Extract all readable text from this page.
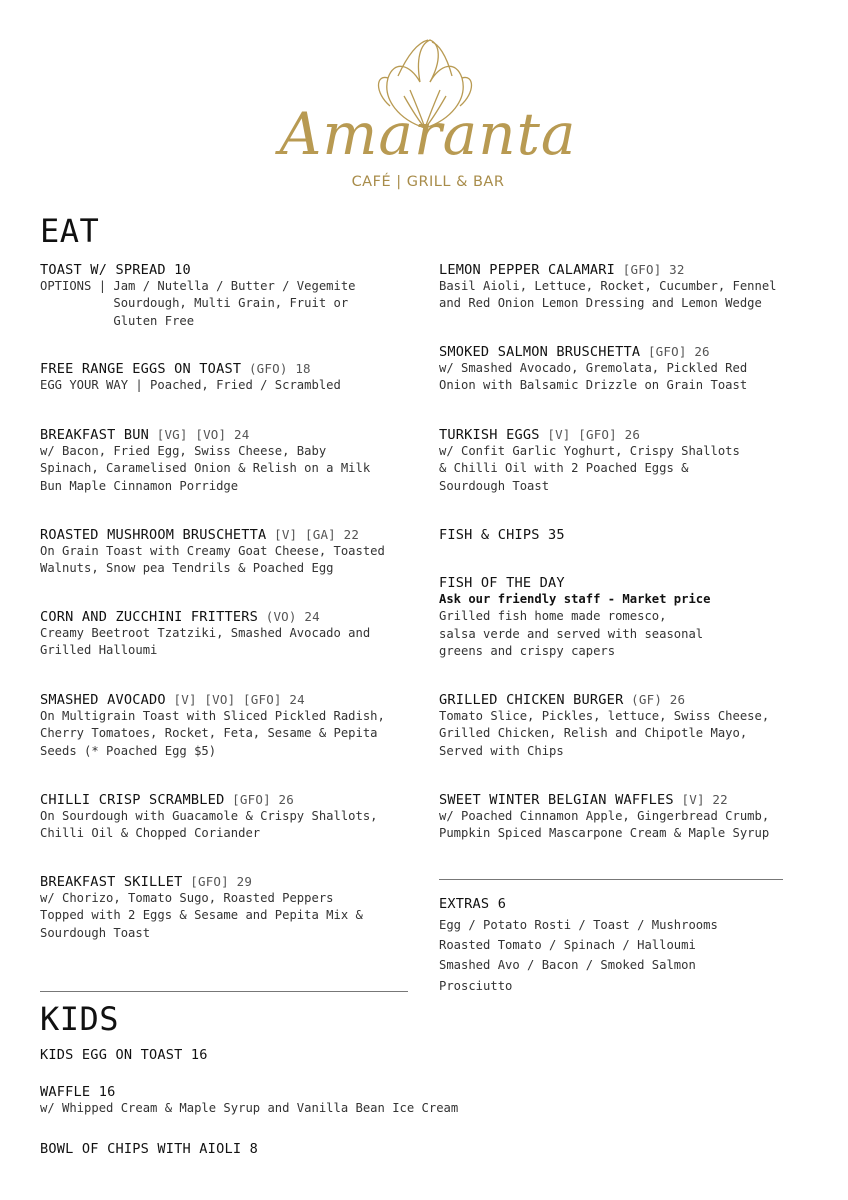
Amaranta
CAFÉ | GRILL & BAR
EAT
TOAST W/ SPREAD 10
OPTIONS | Jam / Nutella / Butter / Vegemite
Sourdough, Multi Grain, Fruit or
Gluten Free
FREE RANGE EGGS ON TOAST (GFO) 18
EGG YOUR WAY | Poached, Fried / Scrambled
BREAKFAST BUN [VG] [VO] 24
w/ Bacon, Fried Egg, Swiss Cheese, Baby
Spinach, Caramelised Onion & Relish on a Milk
Bun Maple Cinnamon Porridge
ROASTED MUSHROOM BRUSCHETTA [V] [GA] 22
On Grain Toast with Creamy Goat Cheese, Toasted
Walnuts, Snow pea Tendrils & Poached Egg
CORN AND ZUCCHINI FRITTERS (VO) 24
Creamy Beetroot Tzatziki, Smashed Avocado and
Grilled Halloumi
SMASHED AVOCADO [V] [VO] [GFO] 24
On Multigrain Toast with Sliced Pickled Radish,
Cherry Tomatoes, Rocket, Feta, Sesame & Pepita
Seeds (* Poached Egg $5)
CHILLI CRISP SCRAMBLED [GFO] 26
On Sourdough with Guacamole & Crispy Shallots,
Chilli Oil & Chopped Coriander
BREAKFAST SKILLET [GFO] 29
w/ Chorizo, Tomato Sugo, Roasted Peppers
Topped with 2 Eggs & Sesame and Pepita Mix &
Sourdough Toast
LEMON PEPPER CALAMARI [GFO] 32
Basil Aioli, Lettuce, Rocket, Cucumber, Fennel
and Red Onion Lemon Dressing and Lemon Wedge
SMOKED SALMON BRUSCHETTA [GFO] 26
w/ Smashed Avocado, Gremolata, Pickled Red
Onion with Balsamic Drizzle on Grain Toast
TURKISH EGGS [V] [GFO] 26
w/ Confit Garlic Yoghurt, Crispy Shallots
& Chilli Oil with 2 Poached Eggs &
Sourdough Toast
FISH & CHIPS 35
FISH OF THE DAY
Ask our friendly staff - Market price
Grilled fish home made romesco,
salsa verde and served with seasonal
greens and crispy capers
GRILLED CHICKEN BURGER (GF) 26
Tomato Slice, Pickles, lettuce, Swiss Cheese,
Grilled Chicken, Relish and Chipotle Mayo,
Served with Chips
SWEET WINTER BELGIAN WAFFLES [V] 22
w/ Poached Cinnamon Apple, Gingerbread Crumb,
Pumpkin Spiced Mascarpone Cream & Maple Syrup
EXTRAS 6
Egg / Potato Rosti / Toast / Mushrooms
Roasted Tomato / Spinach / Halloumi
Smashed Avo / Bacon / Smoked Salmon
Prosciutto
KIDS
KIDS EGG ON TOAST 16
WAFFLE 16
w/ Whipped Cream & Maple Syrup and Vanilla Bean Ice Cream
BOWL OF CHIPS WITH AIOLI 8
